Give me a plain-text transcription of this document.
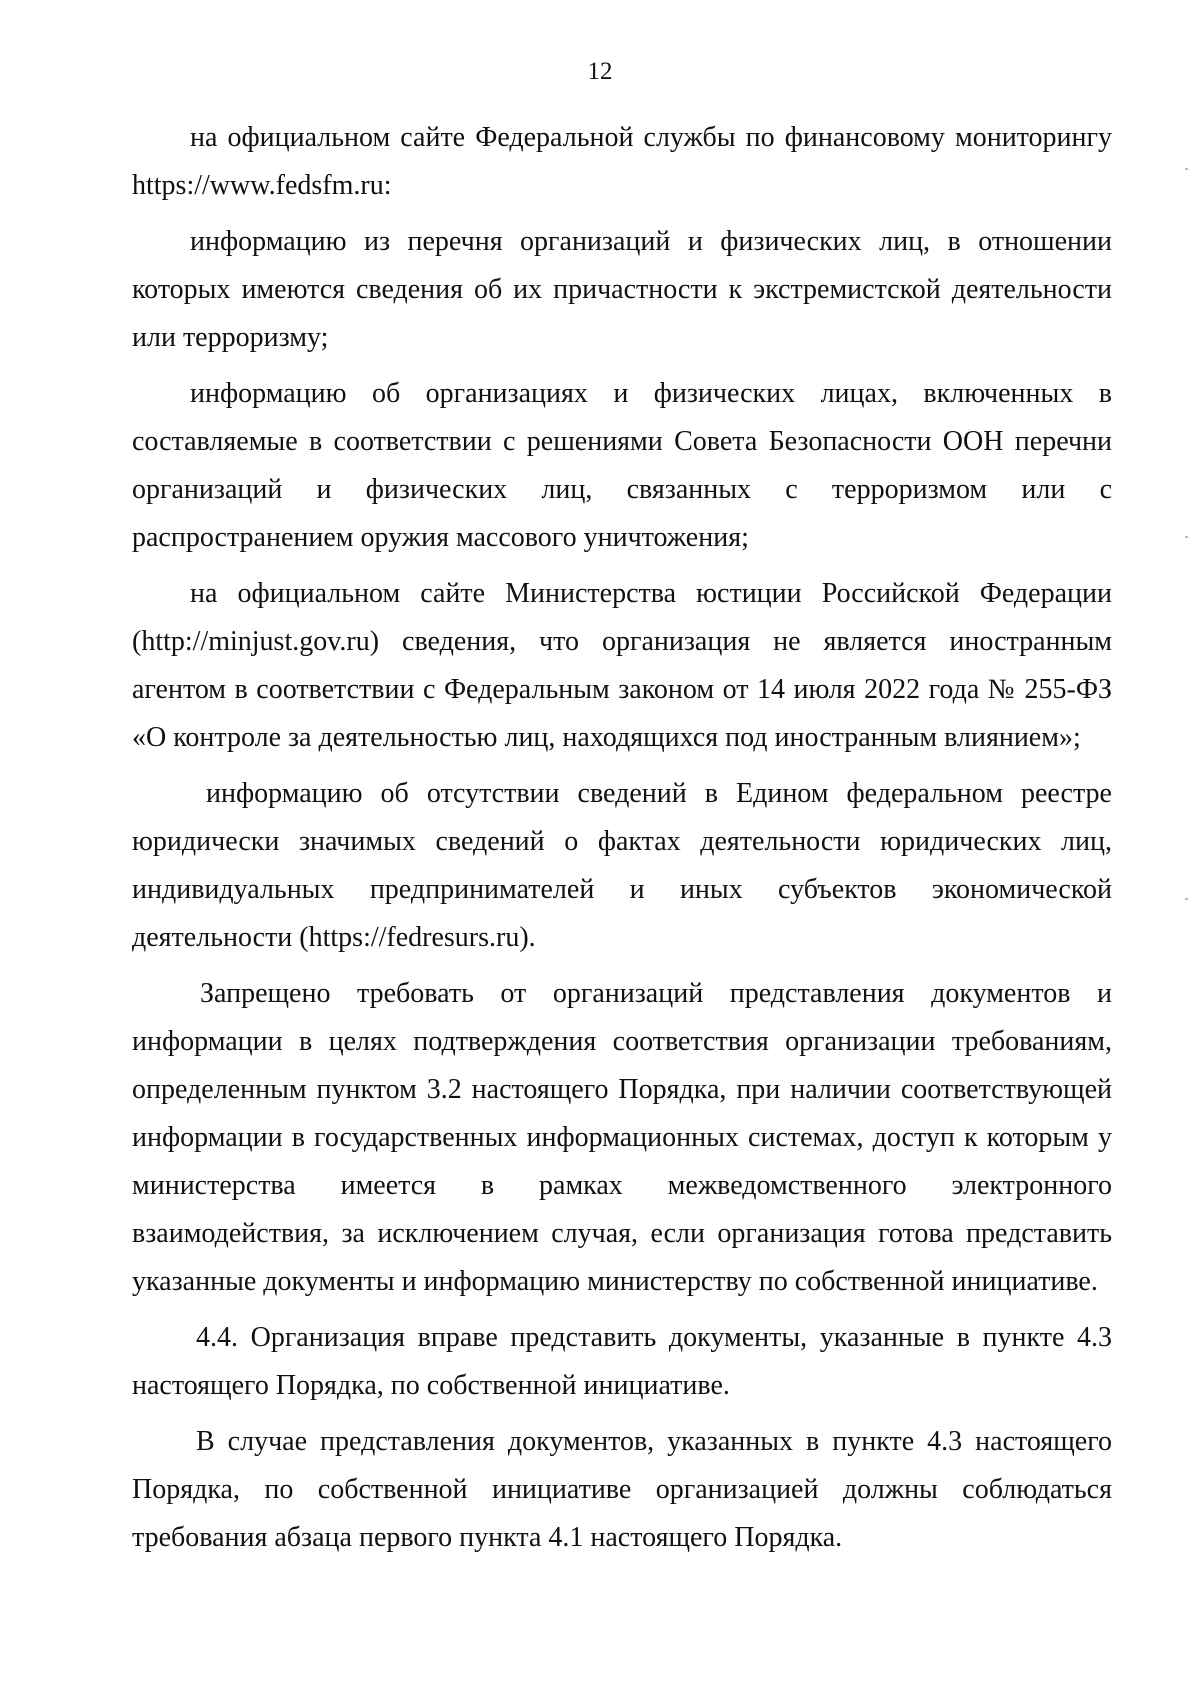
12

на официальном сайте Федеральной службы по финансовому мониторингу https://www.fedsfm.ru:

информацию из перечня организаций и физических лиц, в отношении которых имеются сведения об их причастности к экстремистской деятельности или терроризму;

информацию об организациях и физических лицах, включенных в составляемые в соответствии с решениями Совета Безопасности ООН перечни организаций и физических лиц, связанных с терроризмом или с распространением оружия массового уничтожения;

на официальном сайте Министерства юстиции Российской Федерации (http://minjust.gov.ru) сведения, что организация не является иностранным агентом в соответствии с Федеральным законом от 14 июля 2022 года № 255-ФЗ «О контроле за деятельностью лиц, находящихся под иностранным влиянием»;

информацию об отсутствии сведений в Едином федеральном реестре юридически значимых сведений о фактах деятельности юридических лиц, индивидуальных предпринимателей и иных субъектов экономической деятельности (https://fedresurs.ru).

Запрещено требовать от организаций представления документов и информации в целях подтверждения соответствия организации требованиям, определенным пунктом 3.2 настоящего Порядка, при наличии соответствующей информации в государственных информационных системах, доступ к которым у министерства имеется в рамках межведомственного электронного взаимодействия, за исключением случая, если организация готова представить указанные документы и информацию министерству по собственной инициативе.

4.4. Организация вправе представить документы, указанные в пункте 4.3 настоящего Порядка, по собственной инициативе.

В случае представления документов, указанных в пункте 4.3 настоящего Порядка, по собственной инициативе организацией должны соблюдаться требования абзаца первого пункта 4.1 настоящего Порядка.
